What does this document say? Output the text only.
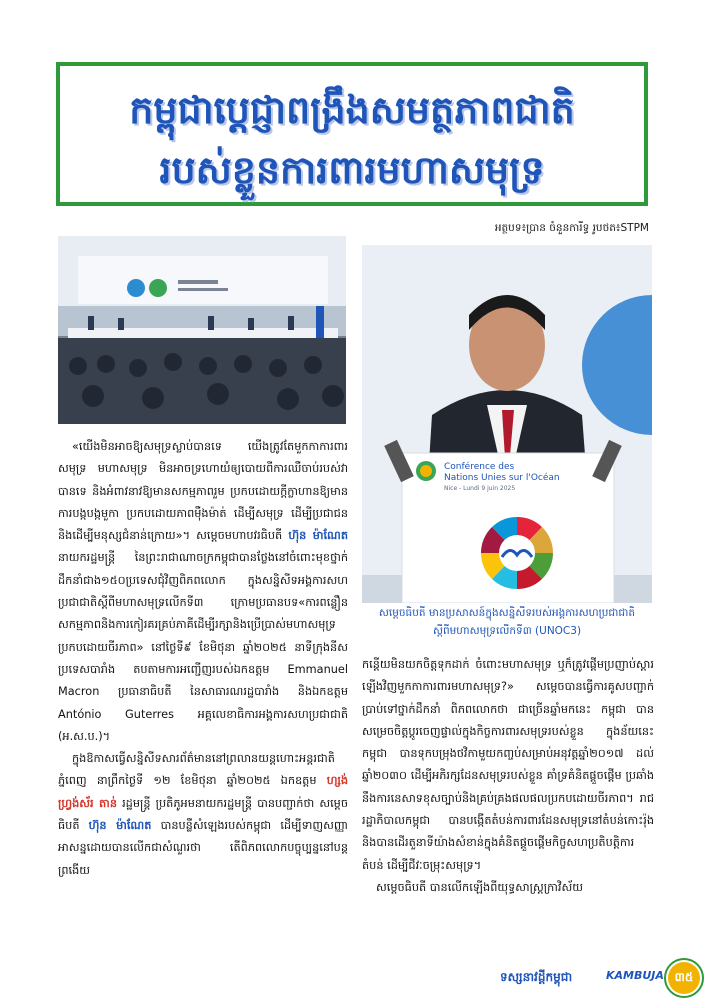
កម្ពុជាប្តេជ្ញាពង្រឹងសមត្ថភាពជាតិ
របស់ខ្លួនការពារមហាសមុទ្រ
អត្ថបទ៖ប្រាន ចំនួនការីទ្ធ រូបថត៖STPM
Conférence des
Nations Unies sur l'Océan
Nice - Lundi 9 juin 2025
សម្តេចធិបតី មានប្រសាសន៍ក្នុងសន្និសីទរបស់អង្គការសហប្រជាជាតិស្តីពីមហាសមុទ្រលើកទី៣ (UNOC3)

«យើងមិនអាចឱ្យសមុទ្រស្លាប់បានទេ យើងត្រូវតែមួកកាការពារសមុទ្រ មហាសមុទ្រ មិនអាចទ្រហោយំឲ្យបោយពីការឈឺចាប់របស់វាបានទេ និងអំពាវនាវឱ្យមានសកម្មភាពរួម ប្រកបដោយក្តីក្លាហានឱ្យមានការបង្កបង្កមួកា ប្រកបដោយភាពម៉ឺងម៉ាត់ ដើម្បីសមុទ្រ ដើម្បីប្រជាជននិងដើម្បីមនុស្សជំនាន់ក្រោយ»។ សម្តេចមហាបវរធិបតី ហ៊ុន ម៉ាណែត នាយករដ្ឋមន្ត្រី នៃព្រះរាជាណាចក្រកម្ពុជាបានថ្លែងនៅចំពោះមុខថ្នាក់ដឹកនាំជាង១៥០ប្រទេសជុំវិញពិភពលោក ក្នុងសន្និសីទអង្គការសហប្រជាជាតិស្តីពីមហាសមុទ្រលើកទី៣ ក្រោមប្រធានបទ«ការពន្លឿនសកម្មភាពនិងការកៀរគរគ្រប់ភាគីដើម្បីរក្សានិងប្រើប្រាស់មហាសមុទ្រប្រកបដោយចីរភាព» នៅថ្ងៃទី៩ ខែមិថុនា ឆ្នាំ២០២៥ នាទីក្រុងនីស ប្រទេសបារាំង តបតាមការអញ្ជើញរបស់ឯកឧត្តម Emmanuel Macron ប្រធានាធិបតី នៃសាធារណរដ្ឋបារាំង និងឯកឧត្តម António Guterres អគ្គលេខាធិការអង្គការសហប្រជាជាតិ (អ.ស.ប.)។

ក្នុងឱកាសធ្វើសន្និសីទសារព័ត៌មាននៅព្រលានយន្តហោះអន្តរជាតិ ភ្នំពេញ នាព្រឹកថ្ងៃទី ១២ ខែមិថុនា ឆ្នាំ២០២៥ ឯកឧត្តម ហ្សង់ ហ្វ្រង់ស័រ តាន់ រដ្ឋមន្ត្រី ប្រតិភូអមនាយករដ្ឋមន្ត្រី បានបញ្ជាក់ថា សម្តេចធិបតី ហ៊ុន ម៉ាណែត បានបន្លឺសំឡេងរបស់កម្ពុជា ដើម្បីទាញសញ្ញាអាសន្នដោយបានលើកជាសំណួរថា តើពិភពលោកបច្ចុប្បន្ននៅបន្តព្រងើយ

កន្តើយមិនយកចិត្តទុកដាក់ ចំពោះមហាសមុទ្រ ឬក៏ត្រូវផ្តើមប្រញាប់ស្តារឡើងវិញមួកកាការពារមហាសមុទ្រ?» សម្តេចបានធ្វើការគូសបញ្ជាក់ប្រាប់ទៅថ្នាក់ដឹកនាំ ពិភពលោកថា ជាច្រើនឆ្នាំមកនេះ កម្ពុជា បានសម្រេចចិត្តប្តូរចេញផ្ទាល់ក្នុងកិច្ចការពារសមុទ្ររបស់ខ្លួន ក្នុងន័យនេះកម្ពុជា បានទុកបម្រុងថវិកាមួយកញ្ចប់សម្រាប់អនុវត្តឆ្នាំ២០១៧ ដល់ឆ្នាំ២០៣០ ដើម្បីអភិរក្សដែនសមុទ្ររបស់ខ្លួន គាំទ្រគំនិតផ្តួចផ្តើម ប្រឆាំងនឹងការនេសាទខុសច្បាប់និងគ្រប់គ្រងផលផលប្រកបដោយចីរភាព។ រាជរដ្ឋាភិបាលកម្ពុជា បានបង្កើតតំបន់ការពារដែនសមុទ្រនៅតំបន់កោះរ៉ុង និងបានដើរតួនាទីយ៉ាងសំខាន់ក្នុងគំនិតផ្តួចផ្តើមកិច្ចសហប្រតិបត្តិការតំបន់ ដើម្បីជីវៈចម្រុះសមុទ្រ។

សម្តេចធិបតី បានលើកឡើងពីយុទ្ធសាស្ត្រក្រាវិស័យ

ទស្សនាវដ្តីកម្ពុជា	KAMBUJA ៣៥
